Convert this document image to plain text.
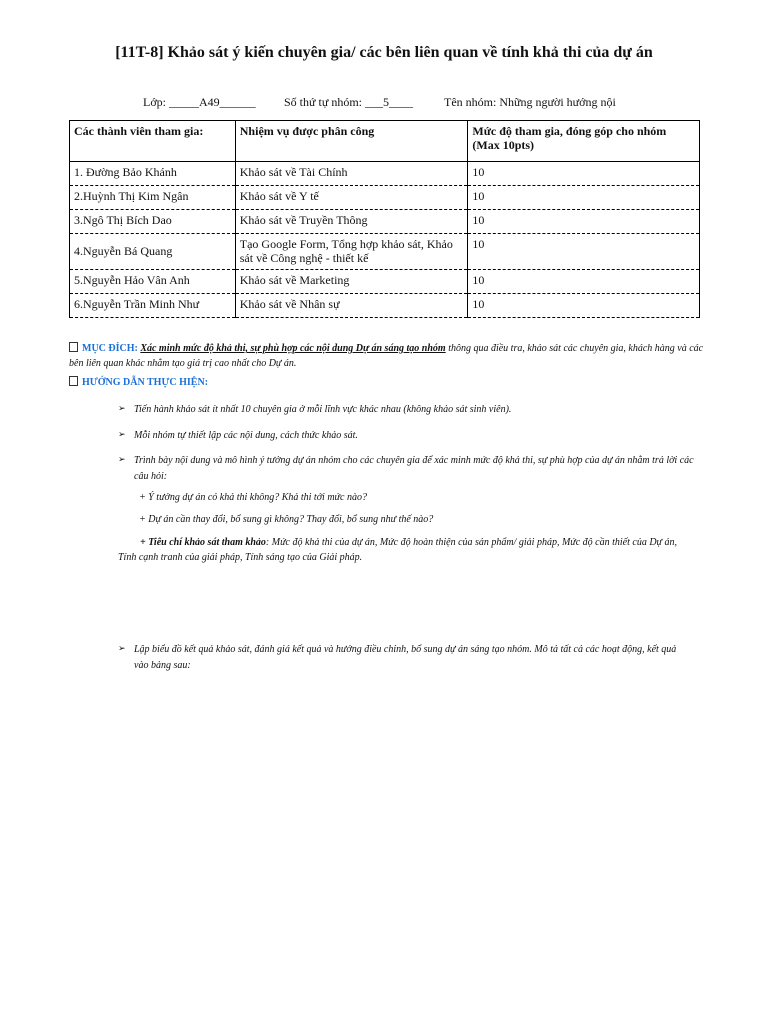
[11T-8] Khảo sát ý kiến chuyên gia/ các bên liên quan về tính khả thi của dự án
Lớp: _____A49______ Số thứ tự nhóm: ___5____	Tên nhóm: Những người hướng nội
Các thành viên tham gia:	Nhiệm vụ được phân công	Mức độ tham gia, đóng góp cho nhóm (Max 10pts)
1. Đường Bảo Khánh	Khảo sát về Tài Chính	10
2.Huỳnh Thị Kim Ngân	Khảo sát về Y tế	10
3.Ngô Thị Bích Dao	Khảo sát về Truyền Thông	10
4.Nguyễn Bá Quang	Tạo Google Form, Tổng hợp khảo sát, Khảo sát về Công nghệ - thiết kế	10
5.Nguyễn Hảo Vân Anh	Khảo sát về Marketing	10
6.Nguyễn Trần Minh Như	Khảo sát về Nhân sự	10
MỤC ĐÍCH: Xác minh mức độ khả thi, sự phù hợp các nội dung Dự án sáng tạo nhóm thông qua điều tra, khảo sát các chuyên gia, khách hàng và các bên liên quan khác nhằm tạo giá trị cao nhất cho Dự án.
HƯỚNG DẪN THỰC HIỆN:
➢ Tiến hành khảo sát ít nhất 10 chuyên gia ở mỗi lĩnh vực khác nhau (không khảo sát sinh viên).
➢ Mỗi nhóm tự thiết lập các nội dung, cách thức khảo sát.
➢ Trình bày nội dung và mô hình ý tưởng dự án nhóm cho các chuyên gia để xác minh mức độ khả thi, sự phù hợp của dự án nhằm trả lời các câu hỏi:
+ Ý tưởng dự án có khả thi không? Khả thi tới mức nào?
+ Dự án cần thay đổi, bổ sung gì không? Thay đổi, bổ sung như thế nào?
+ Tiêu chí khảo sát tham khảo: Mức độ khả thi của dự án, Mức độ hoàn thiện của sản phẩm/ giải pháp, Mức độ cần thiết của Dự án, Tính cạnh tranh của giải pháp, Tính sáng tạo của Giải pháp.
➢ Lập biểu đồ kết quả khảo sát, đánh giá kết quả và hướng điều chỉnh, bổ sung dự án sáng tạo nhóm. Mô tả tất cả các hoạt động, kết quả vào bảng sau:
